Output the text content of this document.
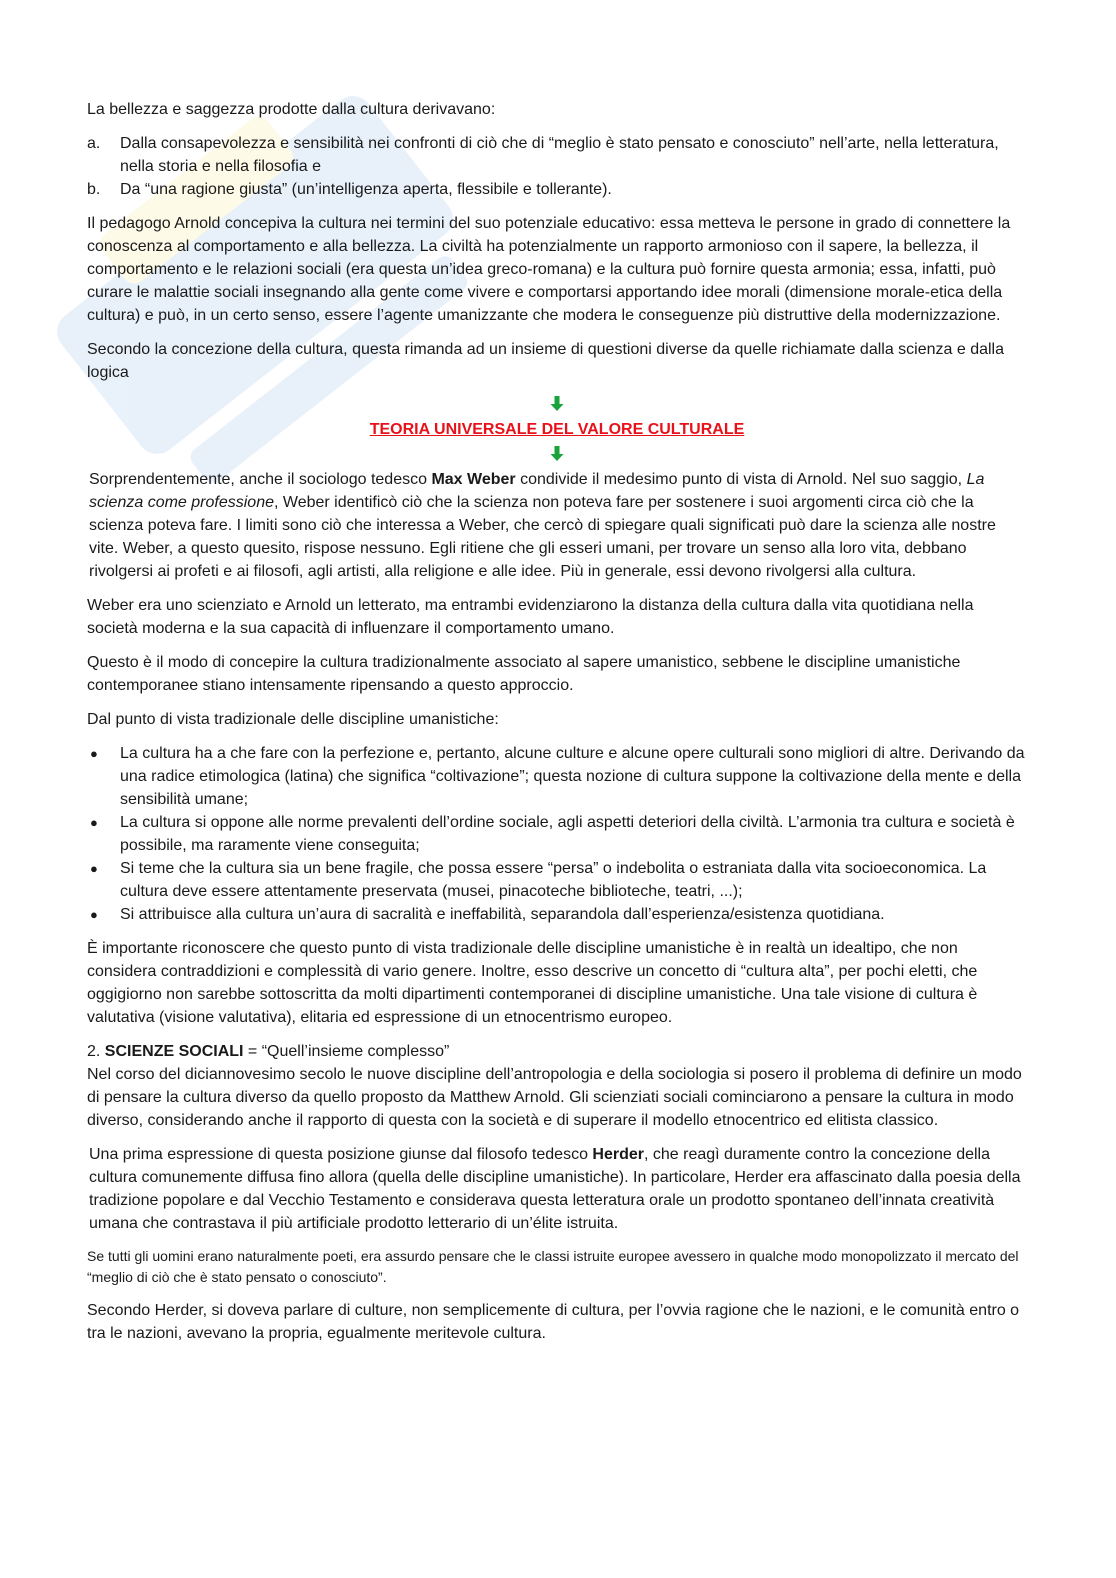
La bellezza e saggezza prodotte dalla cultura derivavano:

a. Dalla consapevolezza e sensibilità nei confronti di ciò che di “meglio è stato pensato e conosciuto” nell’arte, nella letteratura, nella storia e nella filosofia e
b. Da “una ragione giusta” (un’intelligenza aperta, flessibile e tollerante).

Il pedagogo Arnold concepiva la cultura nei termini del suo potenziale educativo: essa metteva le persone in grado di connettere la conoscenza al comportamento e alla bellezza. La civiltà ha potenzialmente un rapporto armonioso con il sapere, la bellezza, il comportamento e le relazioni sociali (era questa un’idea greco-romana) e la cultura può fornire questa armonia; essa, infatti, può curare le malattie sociali insegnando alla gente come vivere e comportarsi apportando idee morali (dimensione morale-etica della cultura) e può, in un certo senso, essere l’agente umanizzante che modera le conseguenze più distruttive della modernizzazione.

Secondo la concezione della cultura, questa rimanda ad un insieme di questioni diverse da quelle richiamate dalla scienza e dalla logica

TEORIA UNIVERSALE DEL VALORE CULTURALE

Sorprendentemente, anche il sociologo tedesco Max Weber condivide il medesimo punto di vista di Arnold. Nel suo saggio, La scienza come professione, Weber identificò ciò che la scienza non poteva fare per sostenere i suoi argomenti circa ciò che la scienza poteva fare. I limiti sono ciò che interessa a Weber, che cercò di spiegare quali significati può dare la scienza alle nostre vite. Weber, a questo quesito, rispose nessuno. Egli ritiene che gli esseri umani, per trovare un senso alla loro vita, debbano rivolgersi ai profeti e ai filosofi, agli artisti, alla religione e alle idee. Più in generale, essi devono rivolgersi alla cultura.

Weber era uno scienziato e Arnold un letterato, ma entrambi evidenziarono la distanza della cultura dalla vita quotidiana nella società moderna e la sua capacità di influenzare il comportamento umano.

Questo è il modo di concepire la cultura tradizionalmente associato al sapere umanistico, sebbene le discipline umanistiche contemporanee stiano intensamente ripensando a questo approccio.

Dal punto di vista tradizionale delle discipline umanistiche:

● La cultura ha a che fare con la perfezione e, pertanto, alcune culture e alcune opere culturali sono migliori di altre. Derivando da una radice etimologica (latina) che significa “coltivazione”; questa nozione di cultura suppone la coltivazione della mente e della sensibilità umane;
● La cultura si oppone alle norme prevalenti dell’ordine sociale, agli aspetti deteriori della civiltà. L’armonia tra cultura e società è possibile, ma raramente viene conseguita;
● Si teme che la cultura sia un bene fragile, che possa essere “persa” o indebolita o estraniata dalla vita socioeconomica. La cultura deve essere attentamente preservata (musei, pinacoteche biblioteche, teatri, ...);
● Si attribuisce alla cultura un’aura di sacralità e ineffabilità, separandola dall’esperienza/esistenza quotidiana.

È importante riconoscere che questo punto di vista tradizionale delle discipline umanistiche è in realtà un idealtipo, che non considera contraddizioni e complessità di vario genere. Inoltre, esso descrive un concetto di “cultura alta”, per pochi eletti, che oggigiorno non sarebbe sottoscritta da molti dipartimenti contemporanei di discipline umanistiche. Una tale visione di cultura è valutativa (visione valutativa), elitaria ed espressione di un etnocentrismo europeo.

2. SCIENZE SOCIALI = “Quell’insieme complesso”
Nel corso del diciannovesimo secolo le nuove discipline dell’antropologia e della sociologia si posero il problema di definire un modo di pensare la cultura diverso da quello proposto da Matthew Arnold. Gli scienziati sociali cominciarono a pensare la cultura in modo diverso, considerando anche il rapporto di questa con la società e di superare il modello etnocentrico ed elitista classico.

Una prima espressione di questa posizione giunse dal filosofo tedesco Herder, che reagì duramente contro la concezione della cultura comunemente diffusa fino allora (quella delle discipline umanistiche). In particolare, Herder era affascinato dalla poesia della tradizione popolare e dal Vecchio Testamento e considerava questa letteratura orale un prodotto spontaneo dell’innata creatività umana che contrastava il più artificiale prodotto letterario di un’élite istruita.

Se tutti gli uomini erano naturalmente poeti, era assurdo pensare che le classi istruite europee avessero in qualche modo monopolizzato il mercato del “meglio di ciò che è stato pensato o conosciuto”.

Secondo Herder, si doveva parlare di culture, non semplicemente di cultura, per l’ovvia ragione che le nazioni, e le comunità entro o tra le nazioni, avevano la propria, egualmente meritevole cultura.
